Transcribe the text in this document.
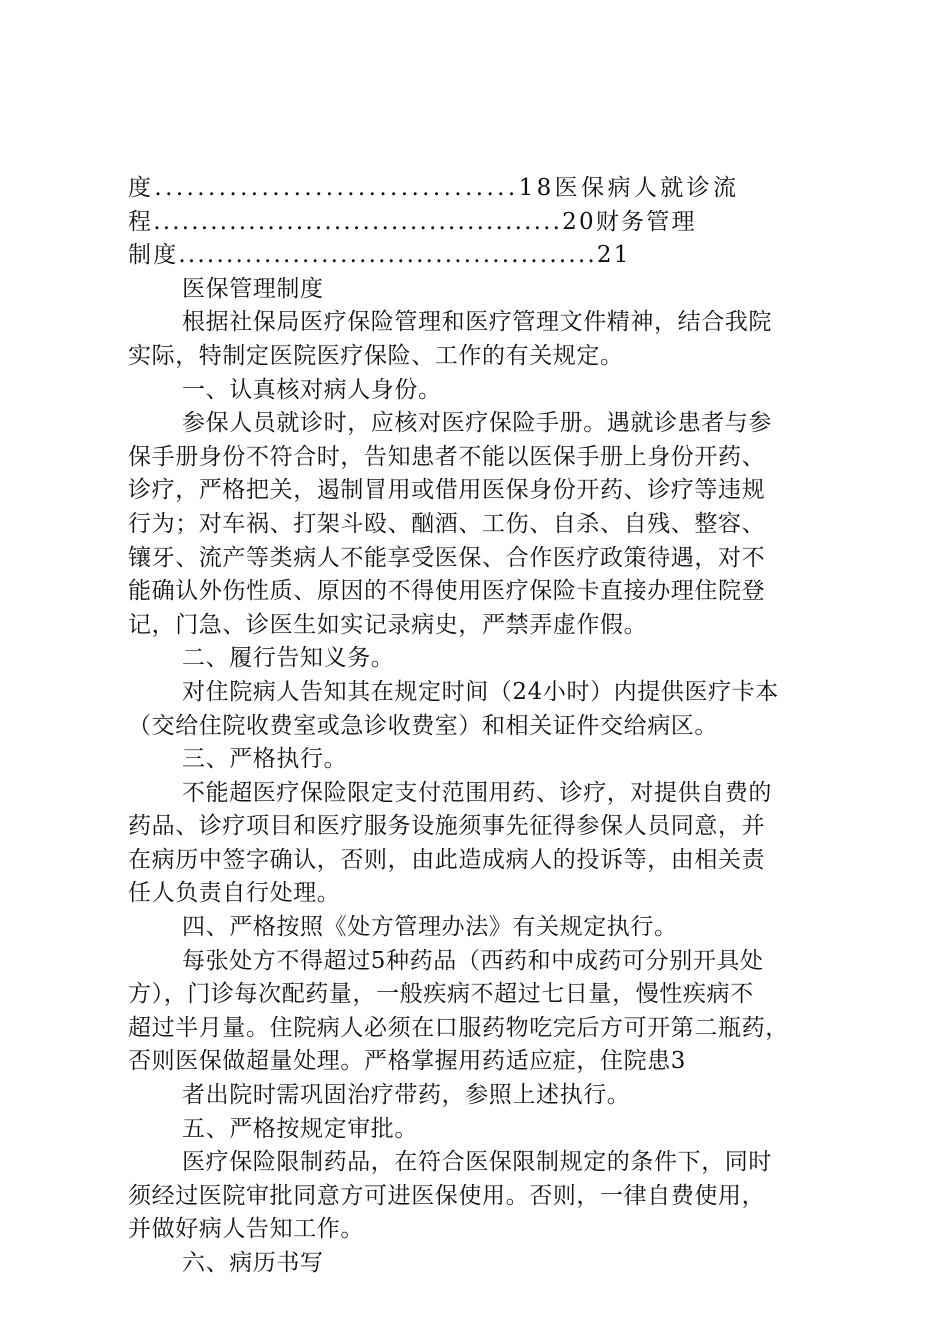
度..................................18医保病人就诊流
程...........................................20财务管理
制度............................................21
医保管理制度
根据社保局医疗保险管理和医疗管理文件精神，结合我院
实际，特制定医院医疗保险、工作的有关规定。
一、认真核对病人身份。
参保人员就诊时，应核对医疗保险手册。遇就诊患者与参
保手册身份不符合时，告知患者不能以医保手册上身份开药、
诊疗，严格把关，遏制冒用或借用医保身份开药、诊疗等违规
行为；对车祸、打架斗殴、酗酒、工伤、自杀、自残、整容、
镶牙、流产等类病人不能享受医保、合作医疗政策待遇，对不
能确认外伤性质、原因的不得使用医疗保险卡直接办理住院登
记，门急、诊医生如实记录病史，严禁弄虚作假。
二、履行告知义务。
对住院病人告知其在规定时间（24小时）内提供医疗卡本
（交给住院收费室或急诊收费室）和相关证件交给病区。
三、严格执行。
不能超医疗保险限定支付范围用药、诊疗，对提供自费的
药品、诊疗项目和医疗服务设施须事先征得参保人员同意，并
在病历中签字确认，否则，由此造成病人的投诉等，由相关责
任人负责自行处理。
四、严格按照《处方管理办法》有关规定执行。
每张处方不得超过5种药品（西药和中成药可分别开具处
方），门诊每次配药量，一般疾病不超过七日量，慢性疾病不
超过半月量。住院病人必须在口服药物吃完后方可开第二瓶药，
否则医保做超量处理。严格掌握用药适应症，住院患3
者出院时需巩固治疗带药，参照上述执行。
五、严格按规定审批。
医疗保险限制药品，在符合医保限制规定的条件下，同时
须经过医院审批同意方可进医保使用。否则，一律自费使用，
并做好病人告知工作。
六、病历书写
